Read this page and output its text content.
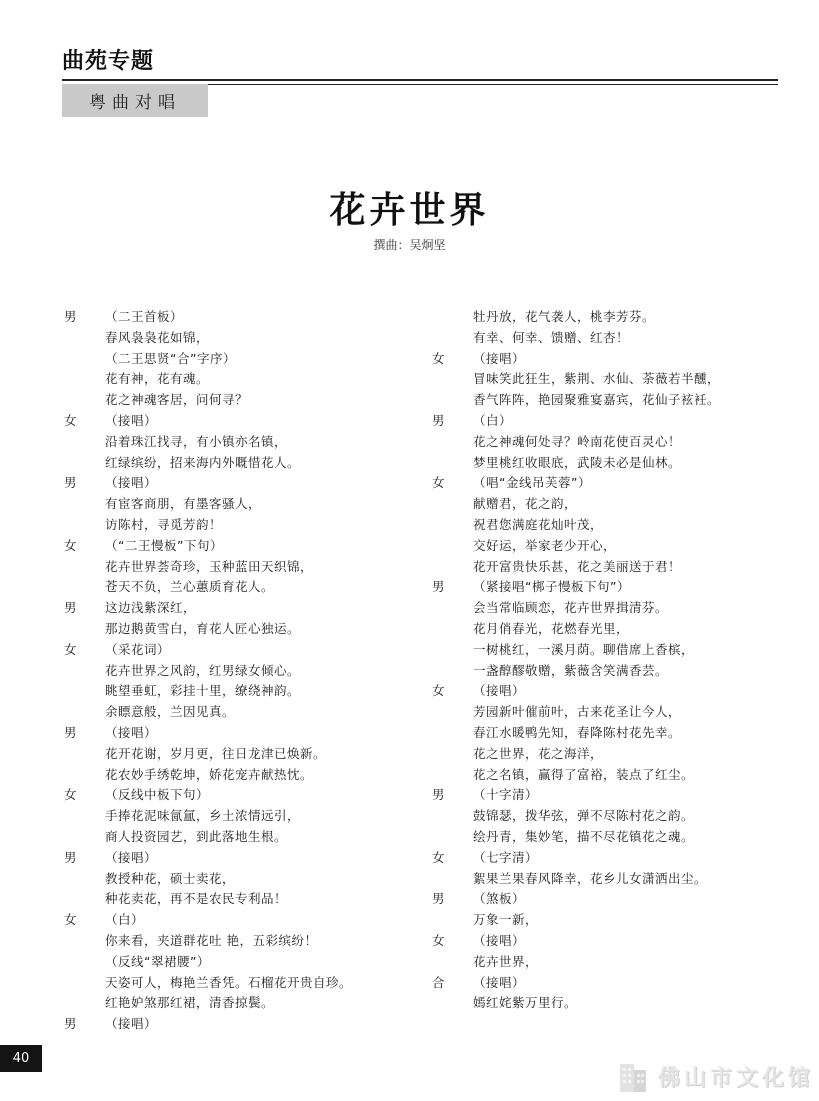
曲苑专题
粤曲对唱
花卉世界
撰曲：吴炯坚
男 （二王首板）
春风袅袅花如锦，
（二王思贤“合”字序）
花有神，花有魂。
花之神魂客居，问何寻？
女 （接唱）
沿着珠江找寻，有小镇亦名镇，
红绿缤纷，招来海内外嘅惜花人。
男 （接唱）
有宦客商朋，有墨客骚人，
访陈村，寻觅芳韵！
女 （“二王慢板”下句）
花卉世界荟奇珍，玉种蓝田天织锦，
苍天不负，兰心蕙质育花人。
男 这边浅紫深红，
那边鹅黄雪白，育花人匠心独运。
女 （采花词）
花卉世界之风韵，红男绿女倾心。
眺望垂虹，彩挂十里，缭绕神韵。
余瞟意般，兰因见真。
男 （接唱）
花开花谢，岁月更，往日龙津已焕新。
花农妙手绣乾坤，娇花宠卉献热忱。
女 （反线中板下句）
手捧花泥味氤氲，乡土浓情远引，
商人投资园艺，到此落地生根。
男 （接唱）
教授种花，硕士卖花，
种花卖花，再不是农民专利品！
女 （白）
你来看，夹道群花吐 艳，五彩缤纷！
（反线“翠裙腰”）
天姿可人，梅艳兰香凭。石榴花开贵自珍。
红艳妒煞那红裙，清香掠鬓。
男 （接唱）
牡丹放，花气袭人，桃李芳芬。
有幸、何幸、馈赠、红杏！
女 （接唱）
冒味笑此狂生，紫荆、水仙、荼薇若半醺，
香气阵阵，艳园聚雅宴嘉宾，花仙子袨衽。
男 （白）
花之神魂何处寻？岭南花使百灵心！
梦里桃红收眼底，武陵未必是仙林。
女 （唱“金线吊芙蓉”）
献赠君，花之韵，
祝君您满庭花灿叶茂，
交好运，举家老少开心，
花开富贵快乐甚，花之美丽送于君！
男 （紧接唱“梆子慢板下句”）
会当常临顾恋，花卉世界揖清芬。
花月俏春光，花燃春光里，
一树桃红，一溪月荫。聊借席上香槟，
一盏醇醪敬赠，紫薇含笑满香芸。
女 （接唱）
芳园新叶催前叶，古来花圣让今人，
春江水暖鸭先知，春降陈村花先幸。
花之世界，花之海洋，
花之名镇，赢得了富裕，装点了红尘。
男 （十字清）
鼓锦瑟，拨华弦，弹不尽陈村花之韵。
绘丹青，集妙笔，描不尽花镇花之魂。
女 （七字清）
絮果兰果春风降幸，花乡儿女潇洒出尘。
男 （煞板）
万象一新，
女 （接唱）
花卉世界，
合 （接唱）
嫣红姹紫万里行。
40
佛山市文化馆
